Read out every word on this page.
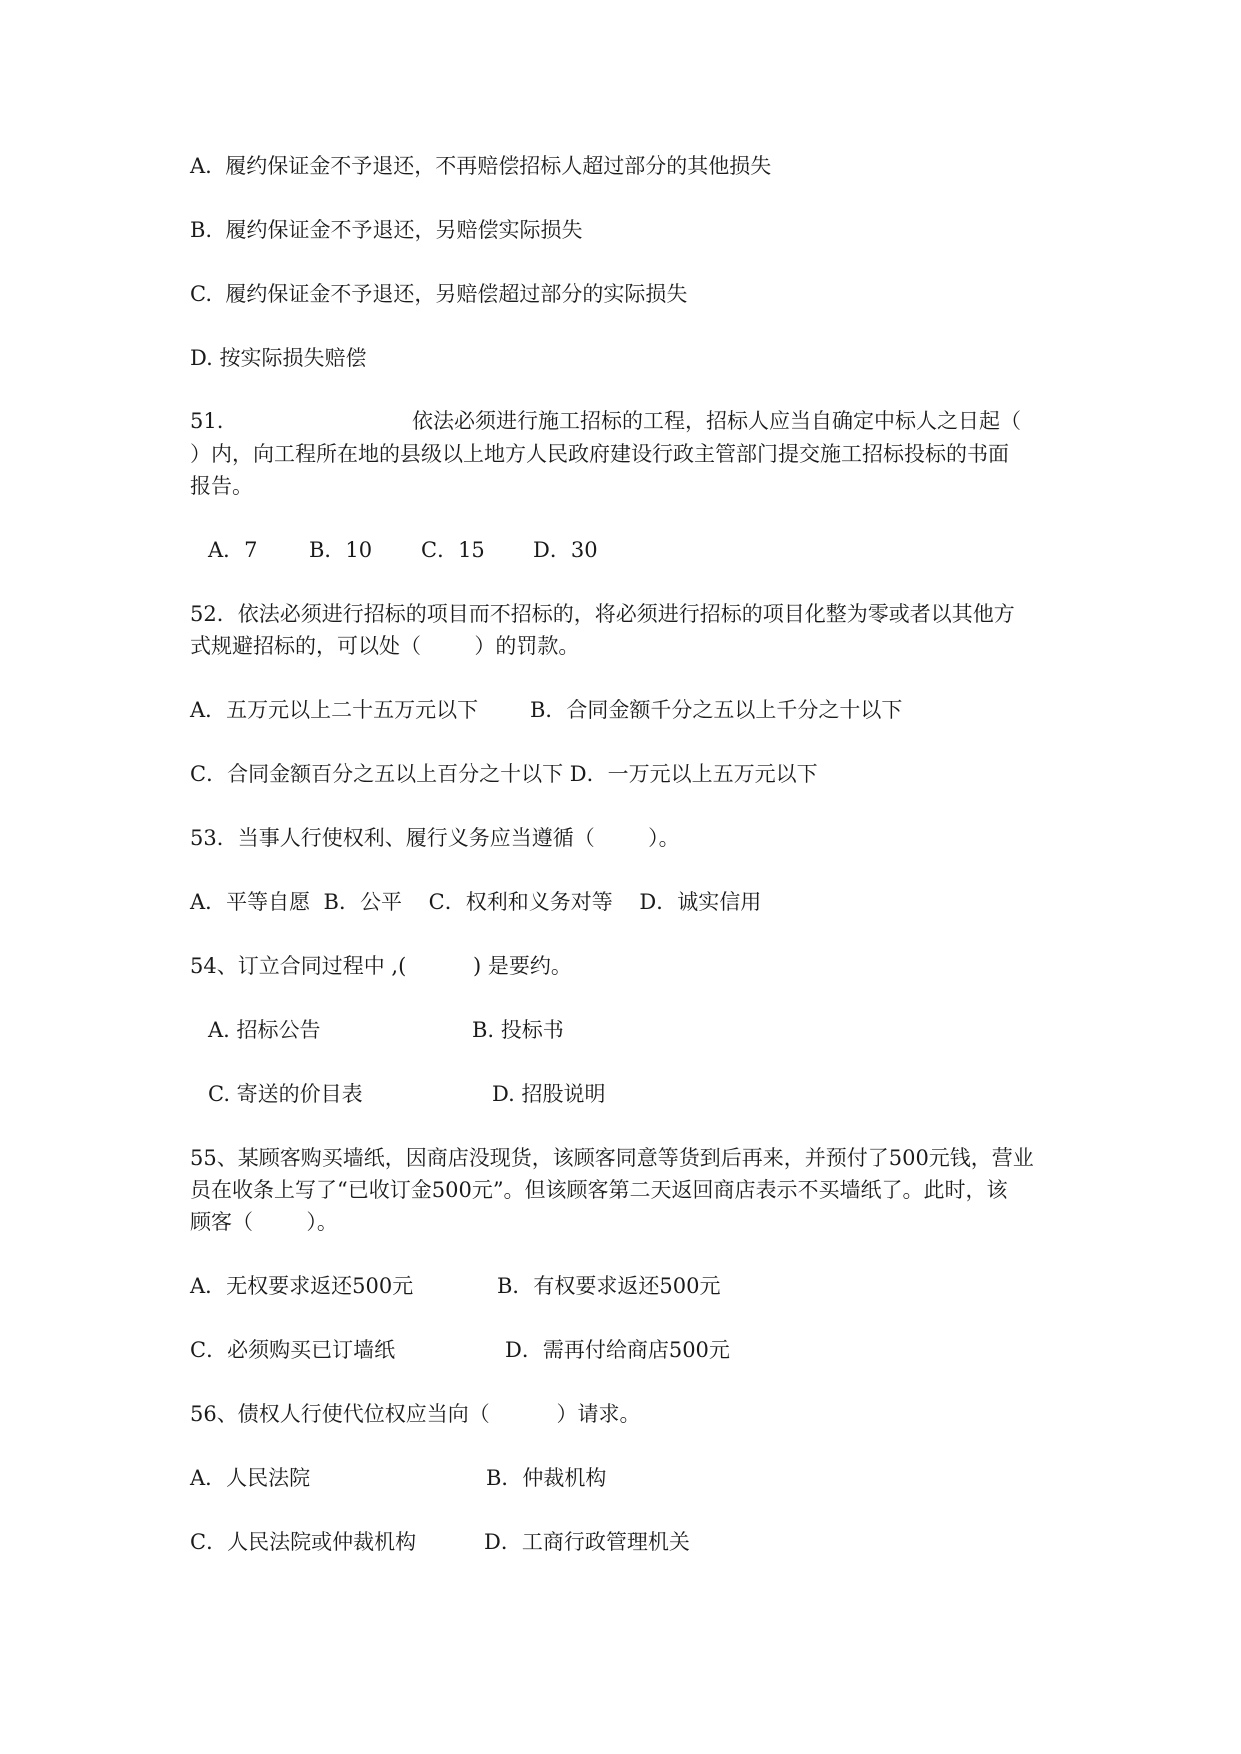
A.  履约保证金不予退还，不再赔偿招标人超过部分的其他损失
B.  履约保证金不予退还，另赔偿实际损失
C.  履约保证金不予退还，另赔偿超过部分的实际损失
D. 按实际损失赔偿
51.	依法必须进行施工招标的工程，招标人应当自确定中标人之日起（
）内，向工程所在地的县级以上地方人民政府建设行政主管部门提交施工招标投标的书面
报告。
A．7 B．10 C．15 D．30
52．依法必须进行招标的项目而不招标的，将必须进行招标的项目化整为零或者以其他方
式规避招标的，可以处（        ）的罚款。
A．五万元以上二十五万元以下 B．合同金额千分之五以上千分之十以下
C．合同金额百分之五以上百分之十以下 D．一万元以上五万元以下
53．当事人行使权利、履行义务应当遵循（        ）。
A．平等自愿  B．公平    C．权利和义务对等    D．诚实信用
54、订立合同过程中 ,(          ) 是要约。
A. 招标公告	B. 投标书
C. 寄送的价目表	D. 招股说明
55、某顾客购买墙纸，因商店没现货，该顾客同意等货到后再来，并预付了500元钱，营业
员在收条上写了“已收订金500元”。但该顾客第二天返回商店表示不买墙纸了。此时，该
顾客（        ）。
A．无权要求返还500元	B．有权要求返还500元
C．必须购买已订墙纸	D．需再付给商店500元
56、债权人行使代位权应当向（          ）请求。
A．人民法院	B．仲裁机构
C．人民法院或仲裁机构	D．工商行政管理机关
